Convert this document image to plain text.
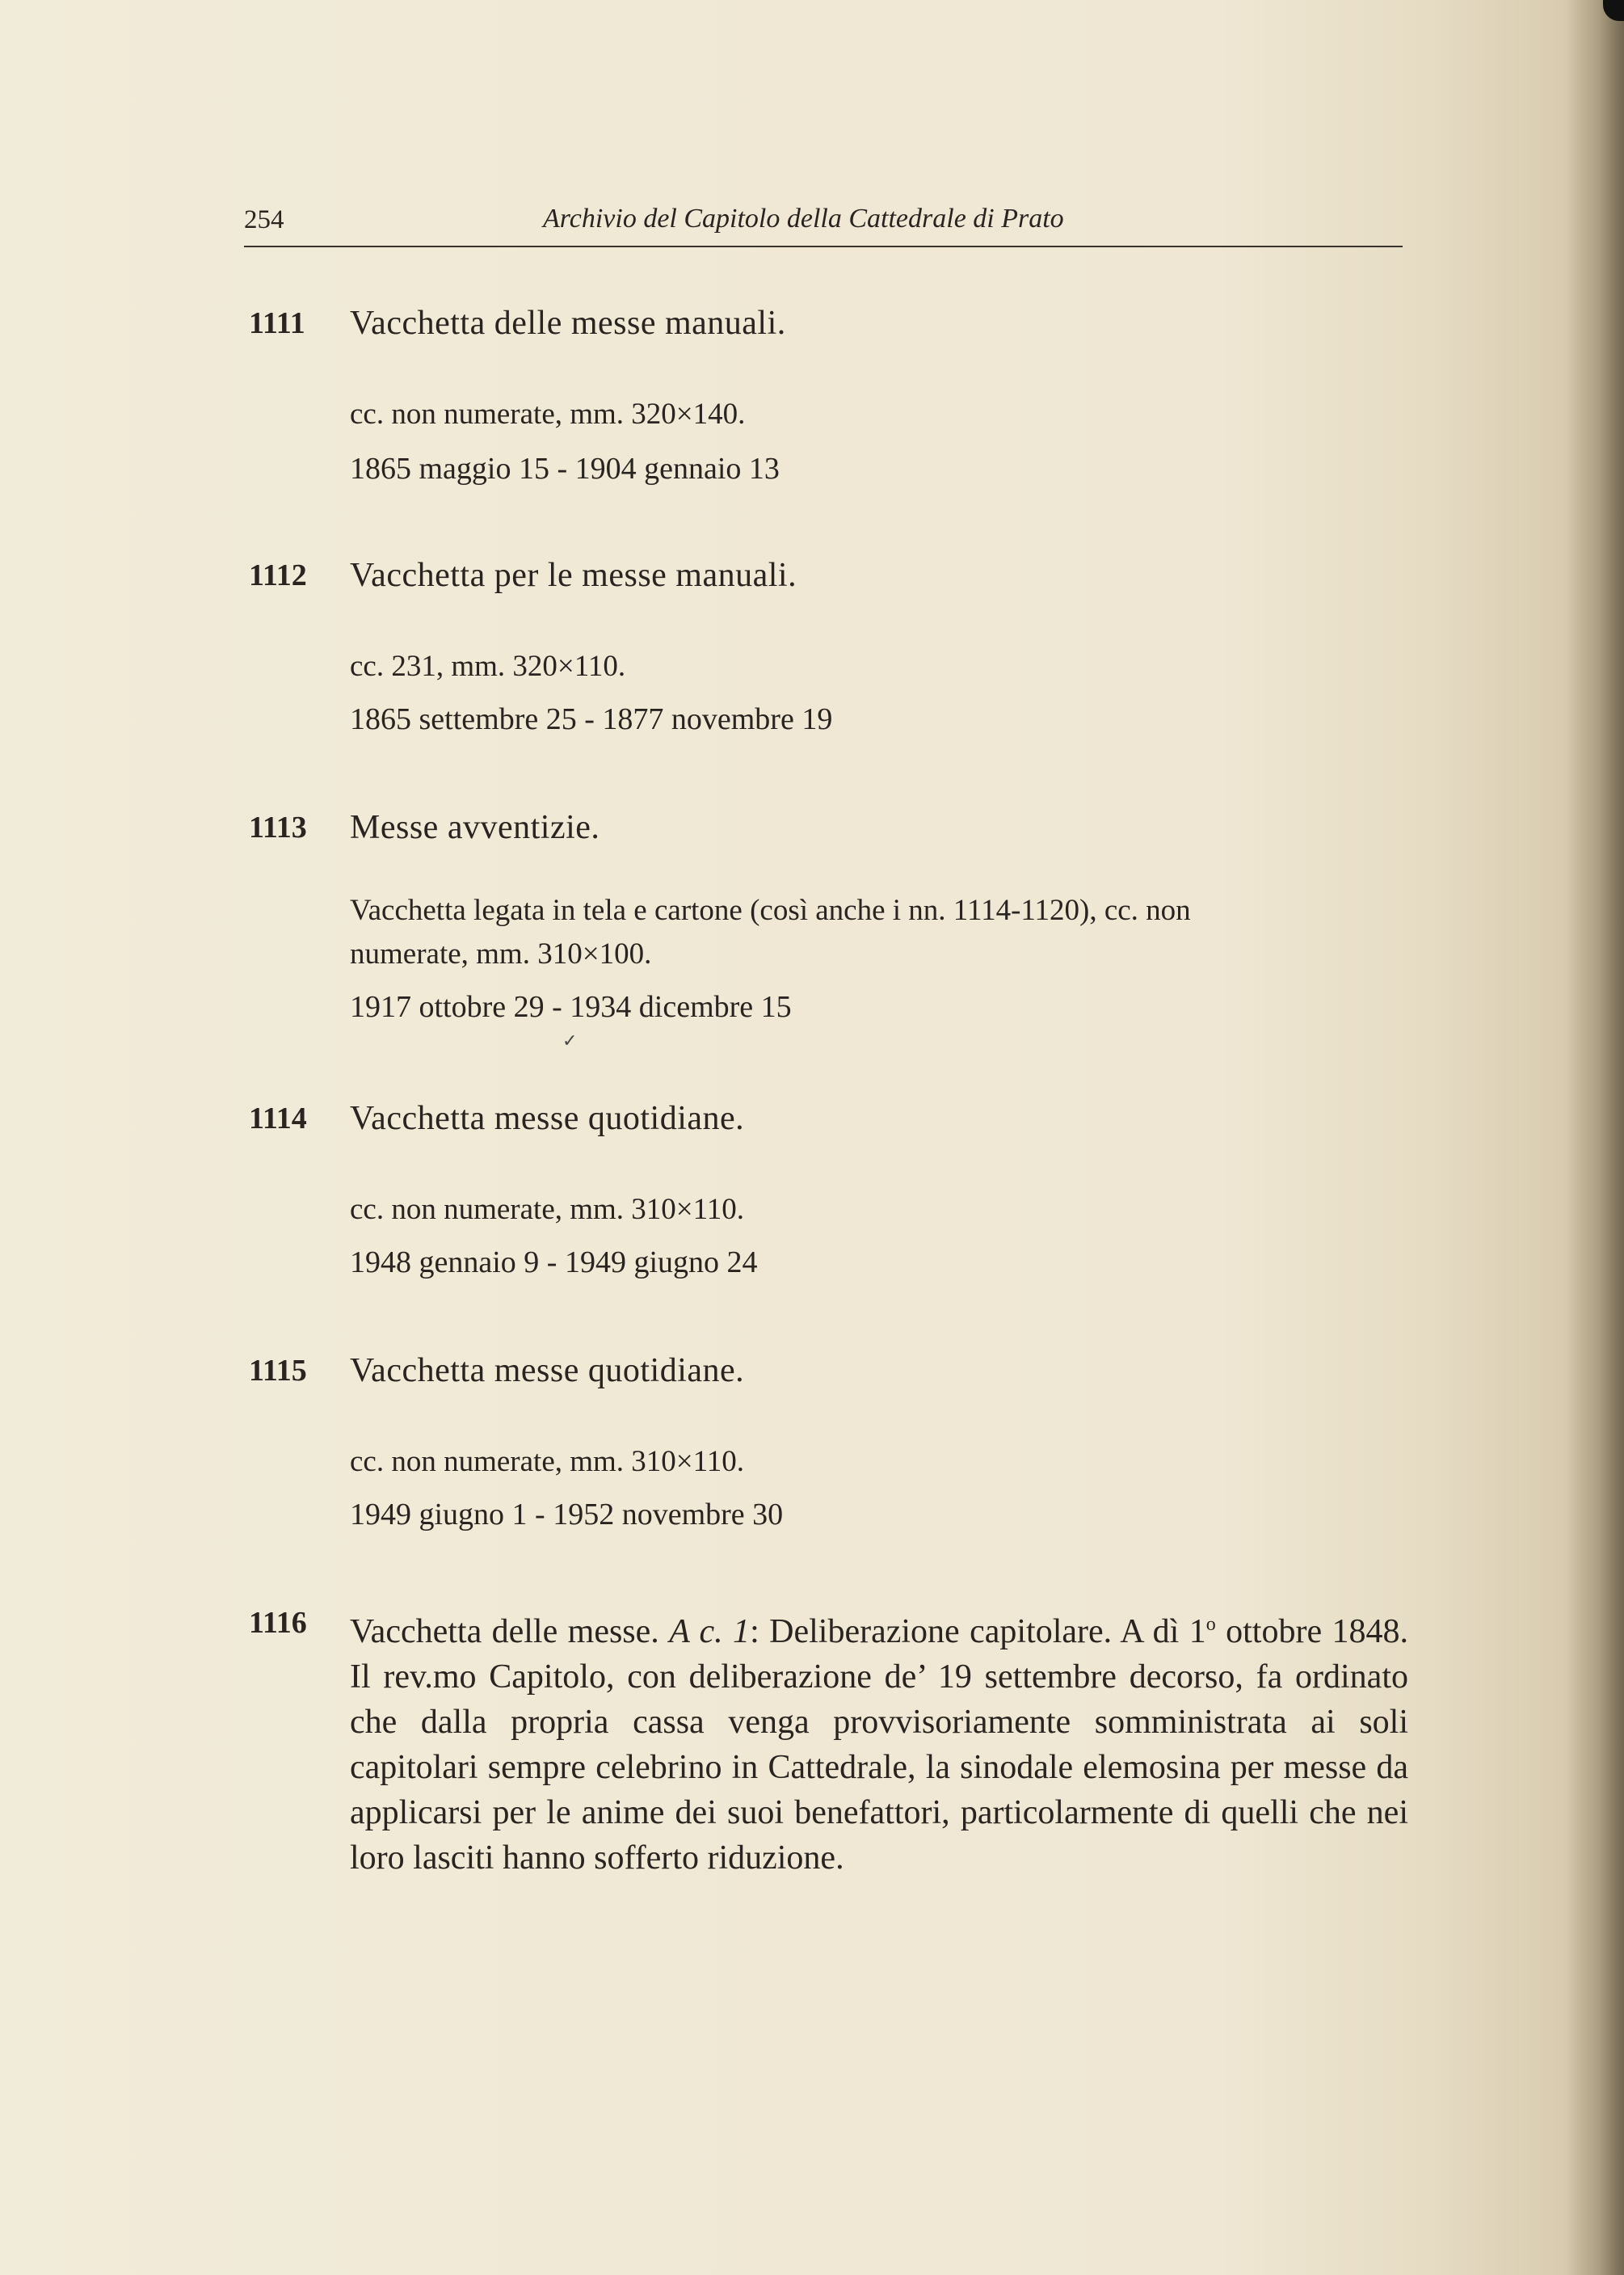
254	Archivio del Capitolo della Cattedrale di Prato
1111 Vacchetta delle messe manuali.
cc. non numerate, mm. 320×140.
1865 maggio 15 - 1904 gennaio 13
1112 Vacchetta per le messe manuali.
cc. 231, mm. 320×110.
1865 settembre 25 - 1877 novembre 19
1113 Messe avventizie.
Vacchetta legata in tela e cartone (così anche i nn. 1114-1120), cc. non
numerate, mm. 310×100.
1917 ottobre 29 - 1934 dicembre 15
1114 Vacchetta messe quotidiane.
cc. non numerate, mm. 310×110.
1948 gennaio 9 - 1949 giugno 24
1115 Vacchetta messe quotidiane.
cc. non numerate, mm. 310×110.
1949 giugno 1 - 1952 novembre 30
1116 Vacchetta delle messe. A c. 1: Deliberazione capitolare. A dì 1$^o$ ottobre 1848. Il rev.mo Capitolo, con deliberazione de’ 19 settembre decorso, fa ordinato che dalla propria cassa venga provvisoriamente somministrata ai soli capitolari sempre celebrino in Cattedrale, la sinodale elemosina per messe da applicarsi per le anime dei suoi benefattori, particolarmente di quelli che nei loro lasciti hanno sofferto riduzione.
✓
